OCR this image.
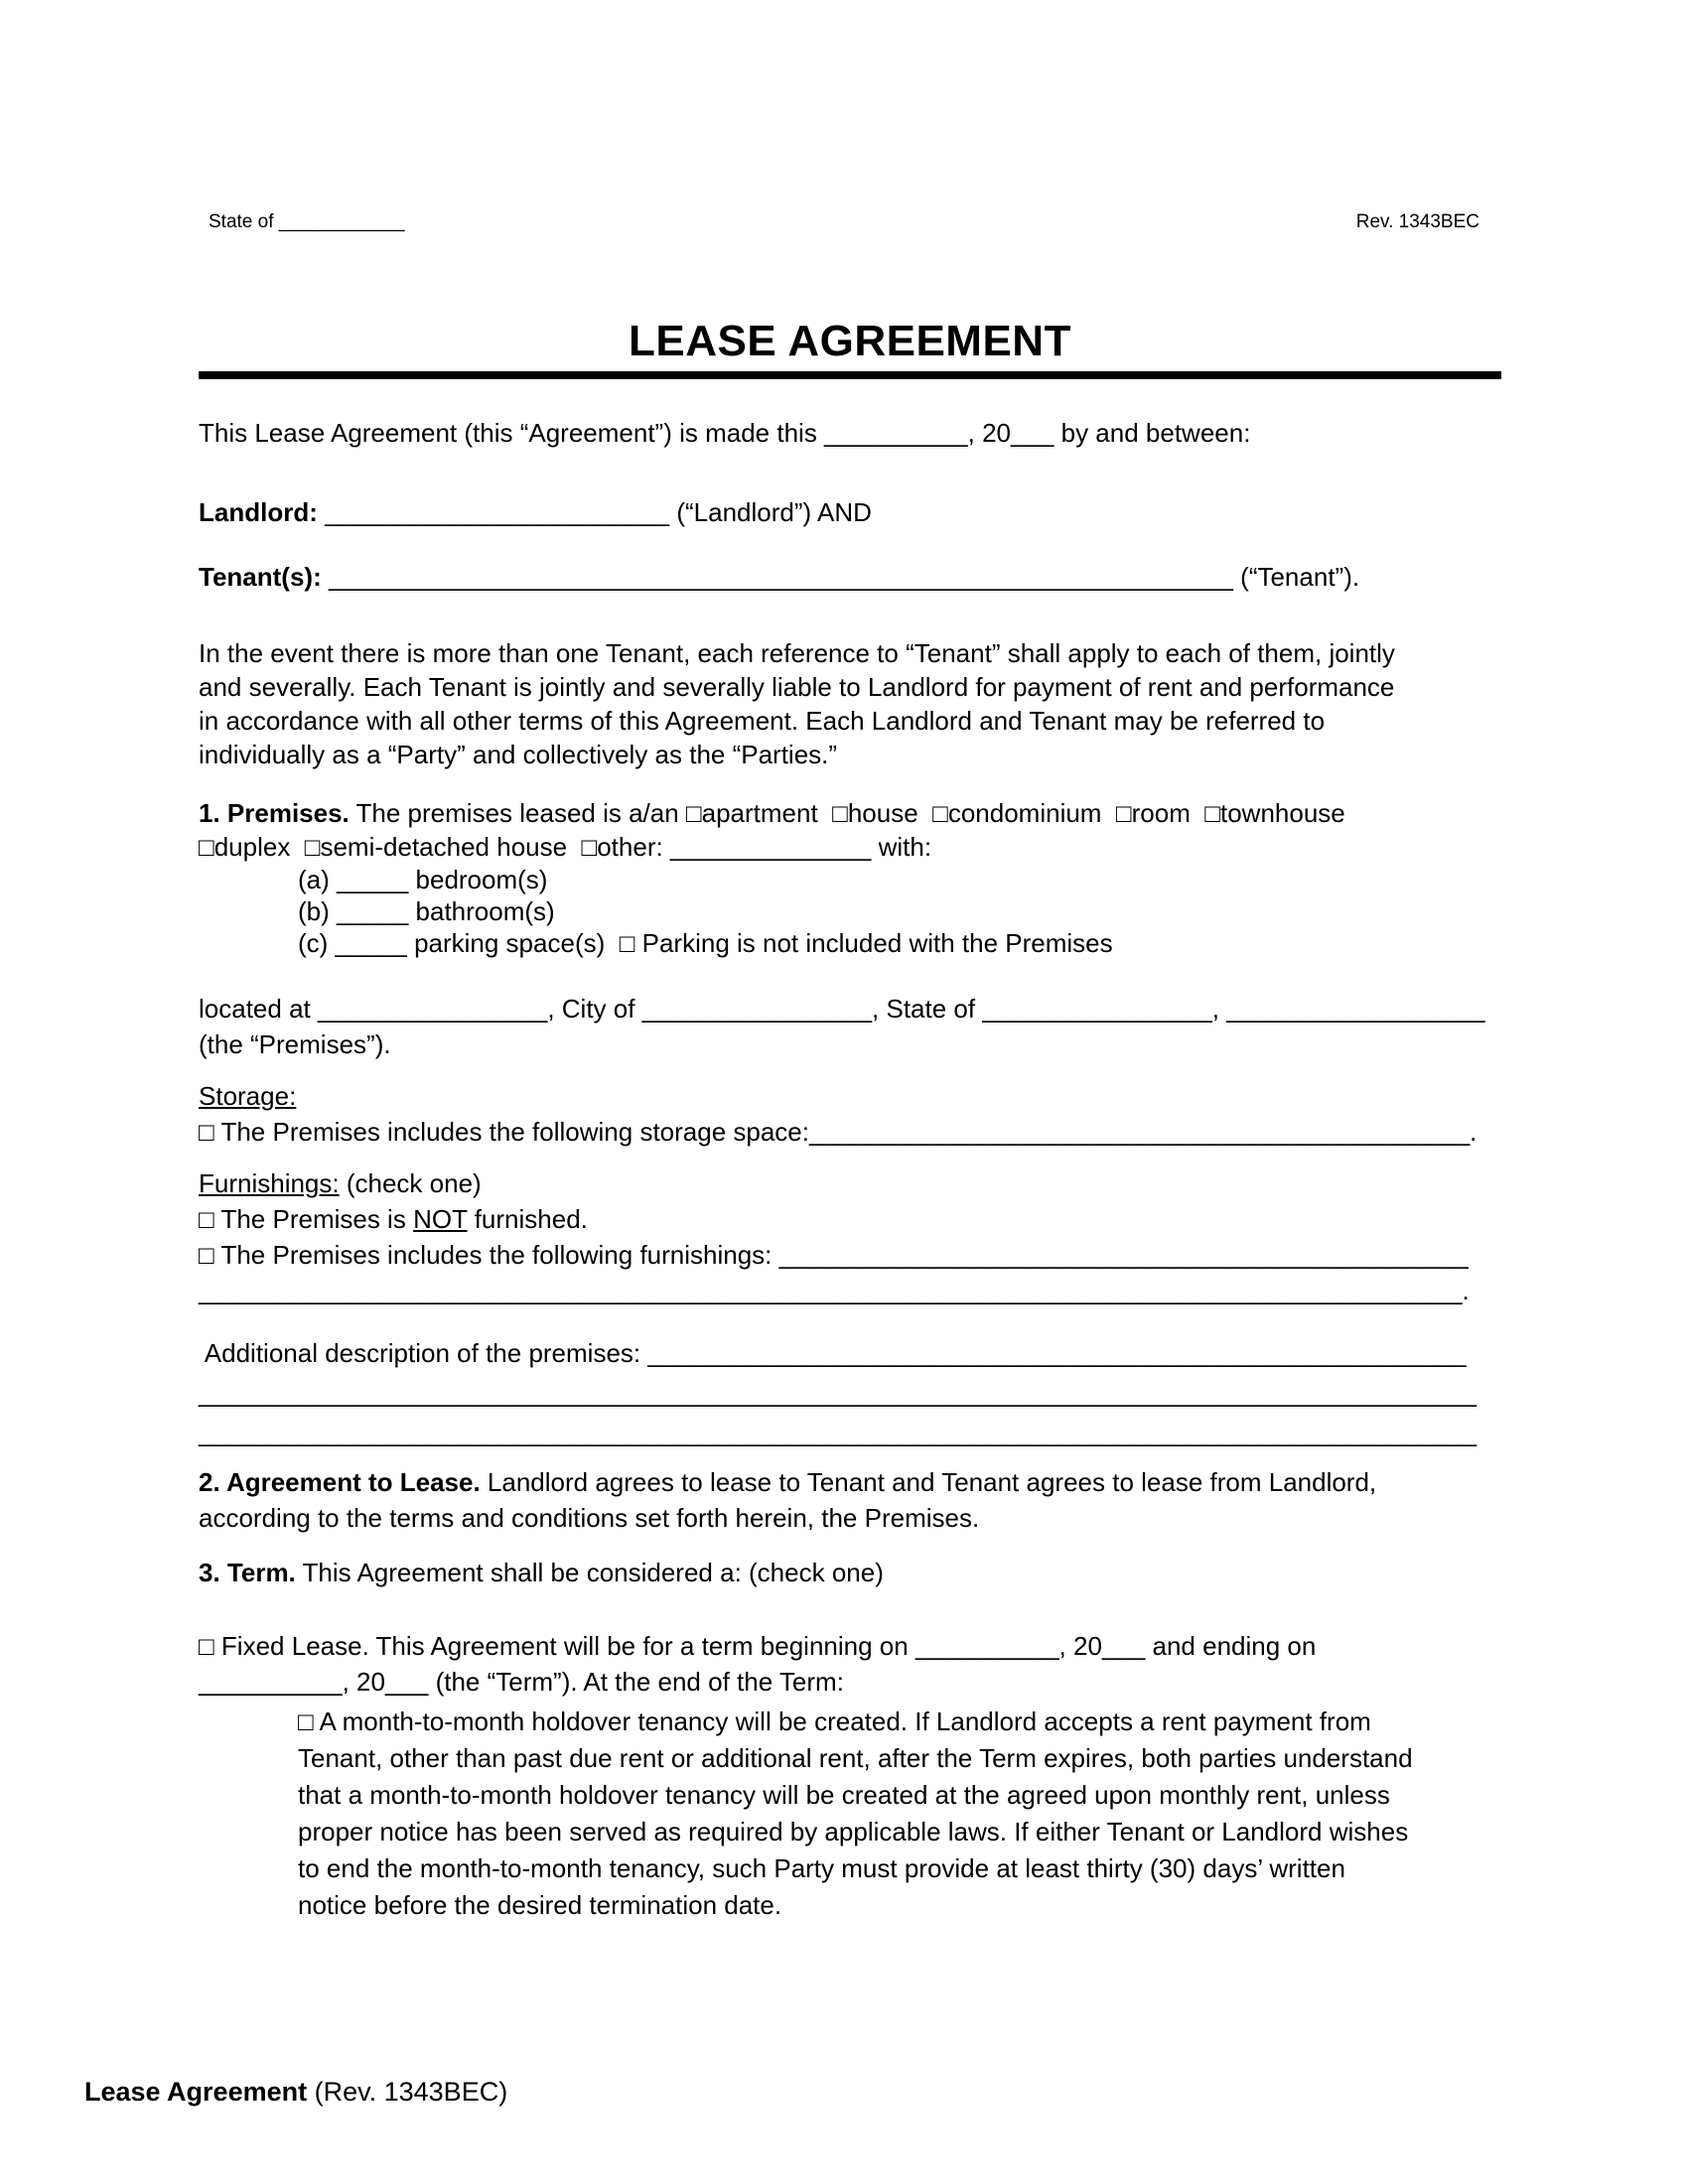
State of ____________	Rev. 1343BEC
LEASE AGREEMENT
This Lease Agreement (this “Agreement”) is made this __________, 20___ by and between:
Landlord: ________________________ (“Landlord”) AND
Tenant(s): _______________________________________________________________ (“Tenant”).
In the event there is more than one Tenant, each reference to “Tenant” shall apply to each of them, jointly
and severally. Each Tenant is jointly and severally liable to Landlord for payment of rent and performance
in accordance with all other terms of this Agreement. Each Landlord and Tenant may be referred to
individually as a “Party” and collectively as the “Parties.”
1. Premises. The premises leased is a/an □apartment  □house  □condominium  □room  □townhouse
□duplex  □semi-detached house  □other: ______________ with:
(a) _____ bedroom(s)
(b) _____ bathroom(s)
(c) _____ parking space(s)  □ Parking is not included with the Premises
located at ________________, City of ________________, State of ________________, __________________
(the “Premises”).
Storage:
□ The Premises includes the following storage space:______________________________________________.
Furnishings: (check one)
□ The Premises is NOT furnished.
□ The Premises includes the following furnishings: ________________________________________________
________________________________________________________________________________________.
Additional description of the premises: _________________________________________________________
_________________________________________________________________________________________
_________________________________________________________________________________________
2. Agreement to Lease. Landlord agrees to lease to Tenant and Tenant agrees to lease from Landlord,
according to the terms and conditions set forth herein, the Premises.
3. Term. This Agreement shall be considered a: (check one)
□ Fixed Lease. This Agreement will be for a term beginning on __________, 20___ and ending on
__________, 20___ (the “Term”). At the end of the Term:
□ A month-to-month holdover tenancy will be created. If Landlord accepts a rent payment from
Tenant, other than past due rent or additional rent, after the Term expires, both parties understand
that a month-to-month holdover tenancy will be created at the agreed upon monthly rent, unless
proper notice has been served as required by applicable laws. If either Tenant or Landlord wishes
to end the month-to-month tenancy, such Party must provide at least thirty (30) days’ written
notice before the desired termination date.
Lease Agreement (Rev. 1343BEC)
